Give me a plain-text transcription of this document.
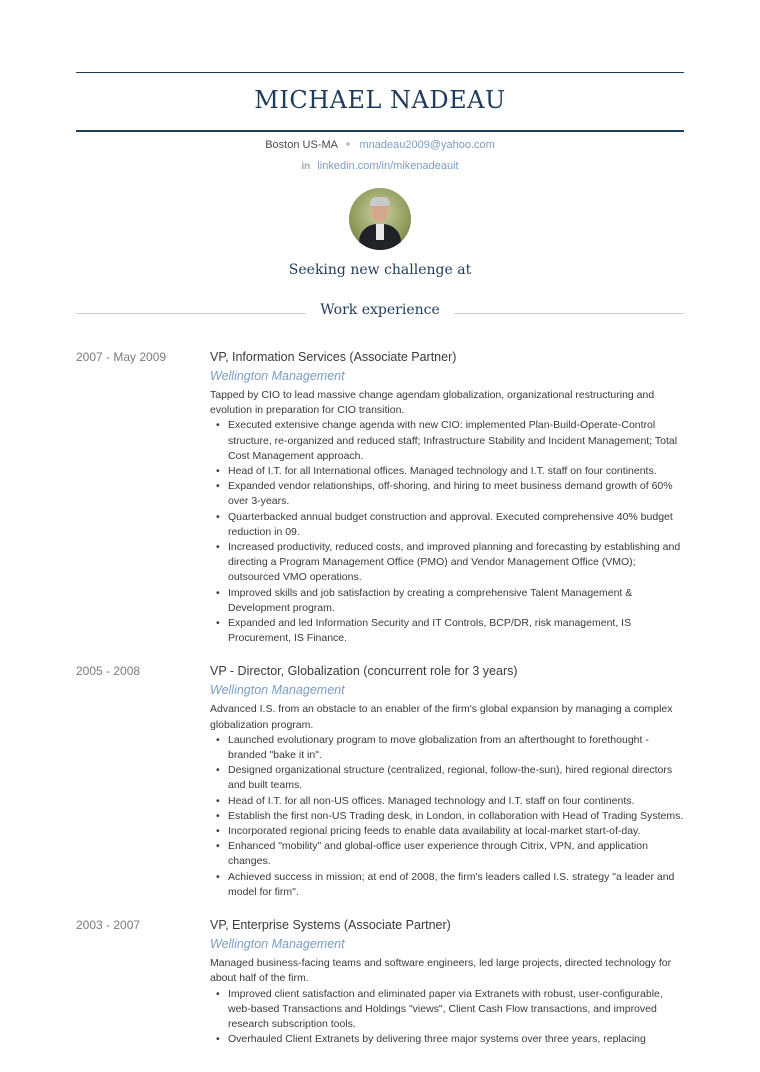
MICHAEL NADEAU
Boston US-MA mnadeau2009@yahoo.com
in linkedin.com/in/mikenadeauit
Seeking new challenge at
Work experience
2007 - May 2009	VP, Information Services (Associate Partner)
Wellington Management
Tapped by CIO to lead massive change agendam globalization, organizational restructuring and evolution in preparation for CIO transition.
• Executed extensive change agenda with new CIO: implemented Plan-Build-Operate-Control structure, re-organized and reduced staff; Infrastructure Stability and Incident Management; Total Cost Management approach.
• Head of I.T. for all International offices. Managed technology and I.T. staff on four continents.
• Expanded vendor relationships, off-shoring, and hiring to meet business demand growth of 60% over 3-years.
• Quarterbacked annual budget construction and approval. Executed comprehensive 40% budget reduction in 09.
• Increased productivity, reduced costs, and improved planning and forecasting by establishing and directing a Program Management Office (PMO) and Vendor Management Office (VMO); outsourced VMO operations.
• Improved skills and job satisfaction by creating a comprehensive Talent Management & Development program.
• Expanded and led Information Security and IT Controls, BCP/DR, risk management, IS Procurement, IS Finance.
2005 - 2008	VP - Director, Globalization (concurrent role for 3 years)
Wellington Management
Advanced I.S. from an obstacle to an enabler of the firm's global expansion by managing a complex globalization program.
• Launched evolutionary program to move globalization from an afterthought to forethought - branded "bake it in".
• Designed organizational structure (centralized, regional, follow-the-sun), hired regional directors and built teams.
• Head of I.T. for all non-US offices. Managed technology and I.T. staff on four continents.
• Establish the first non-US Trading desk, in London, in collaboration with Head of Trading Systems.
• Incorporated regional pricing feeds to enable data availability at local-market start-of-day.
• Enhanced "mobility" and global-office user experience through Citrix, VPN, and application changes.
• Achieved success in mission; at end of 2008, the firm's leaders called I.S. strategy "a leader and model for firm".
2003 - 2007	VP, Enterprise Systems (Associate Partner)
Wellington Management
Managed business-facing teams and software engineers, led large projects, directed technology for about half of the firm.
• Improved client satisfaction and eliminated paper via Extranets with robust, user-configurable, web-based Transactions and Holdings "views", Client Cash Flow transactions, and improved research subscription tools.
• Overhauled Client Extranets by delivering three major systems over three years, replacing
